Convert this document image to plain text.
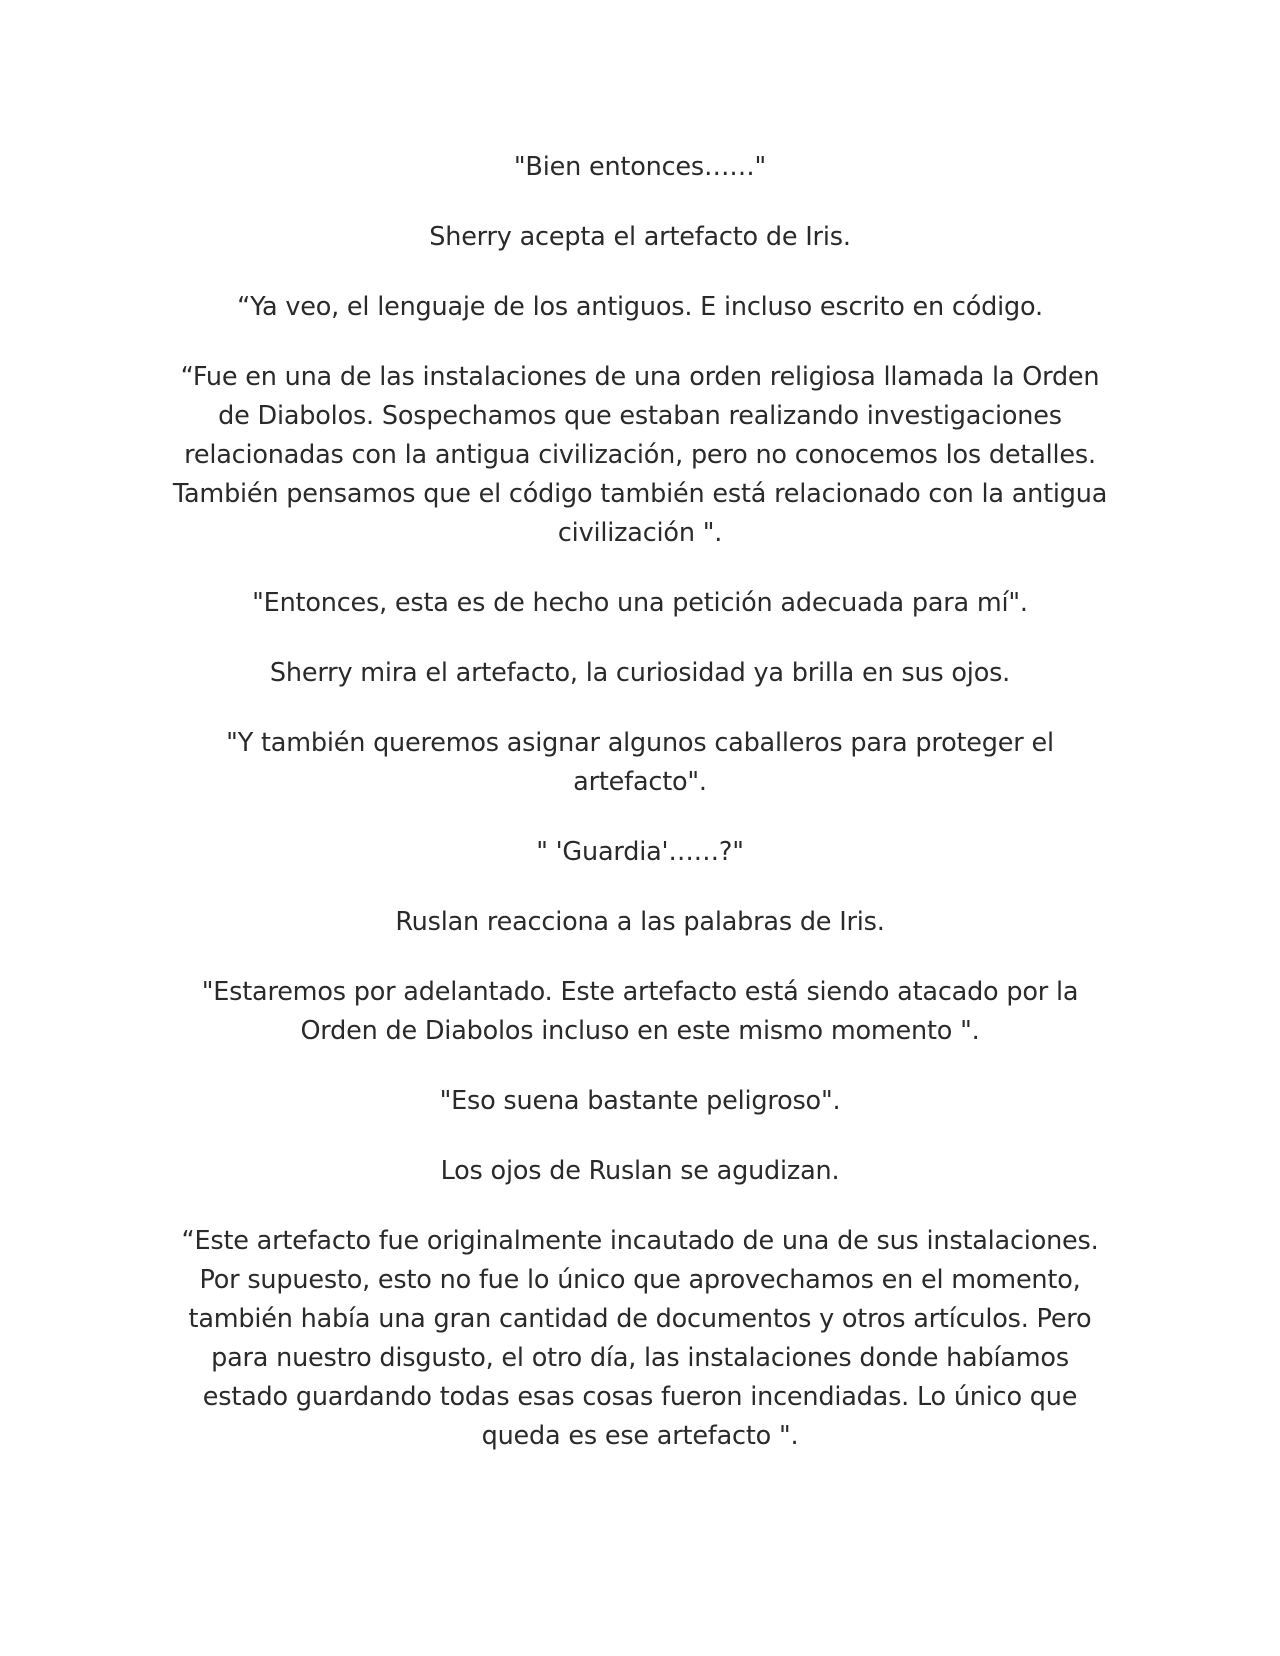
"Bien entonces……"

Sherry acepta el artefacto de Iris.

“Ya veo, el lenguaje de los antiguos. E incluso escrito en código.

“Fue en una de las instalaciones de una orden religiosa llamada la Orden de Diabolos. Sospechamos que estaban realizando investigaciones relacionadas con la antigua civilización, pero no conocemos los detalles. También pensamos que el código también está relacionado con la antigua civilización ".

"Entonces, esta es de hecho una petición adecuada para mí".

Sherry mira el artefacto, la curiosidad ya brilla en sus ojos.

"Y también queremos asignar algunos caballeros para proteger el artefacto".

" 'Guardia'……?"

Ruslan reacciona a las palabras de Iris.

"Estaremos por adelantado. Este artefacto está siendo atacado por la Orden de Diabolos incluso en este mismo momento ".

"Eso suena bastante peligroso".

Los ojos de Ruslan se agudizan.

“Este artefacto fue originalmente incautado de una de sus instalaciones. Por supuesto, esto no fue lo único que aprovechamos en el momento, también había una gran cantidad de documentos y otros artículos. Pero para nuestro disgusto, el otro día, las instalaciones donde habíamos estado guardando todas esas cosas fueron incendiadas. Lo único que queda es ese artefacto ".
